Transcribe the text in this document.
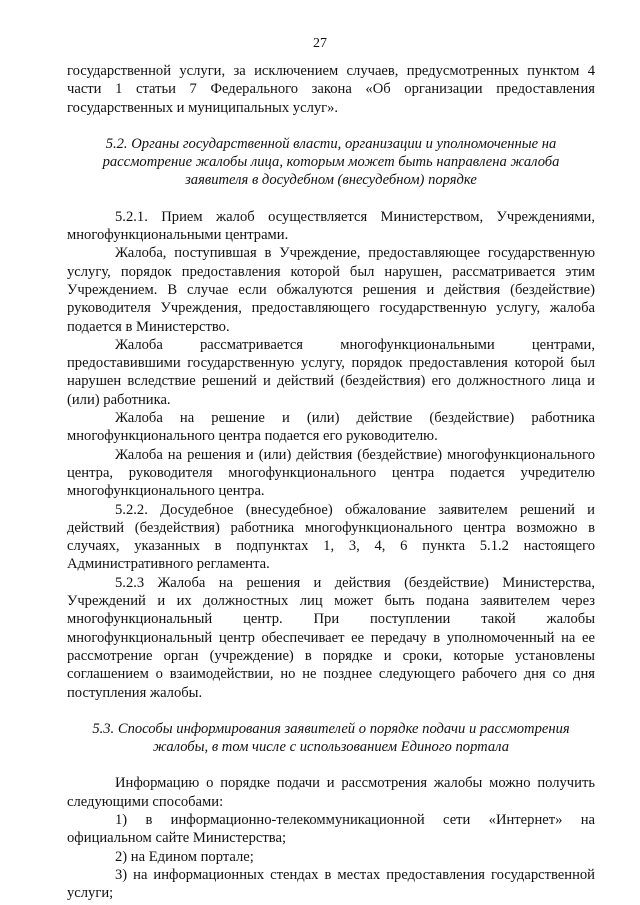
27

государственной услуги, за исключением случаев, предусмотренных пунктом 4 части 1 статьи 7 Федерального закона «Об организации предоставления государственных и муниципальных услуг».

5.2. Органы государственной власти, организации и уполномоченные на рассмотрение жалобы лица, которым может быть направлена жалоба заявителя в досудебном (внесудебном) порядке

5.2.1. Прием жалоб осуществляется Министерством, Учреждениями, многофункциональными центрами.

Жалоба, поступившая в Учреждение, предоставляющее государственную услугу, порядок предоставления которой был нарушен, рассматривается этим Учреждением. В случае если обжалуются решения и действия (бездействие) руководителя Учреждения, предоставляющего государственную услугу, жалоба подается в Министерство.

Жалоба рассматривается многофункциональными центрами, предоставившими государственную услугу, порядок предоставления которой был нарушен вследствие решений и действий (бездействия) его должностного лица и (или) работника.

Жалоба на решение и (или) действие (бездействие) работника многофункционального центра подается его руководителю.

Жалоба на решения и (или) действия (бездействие) многофункционального центра, руководителя многофункционального центра подается учредителю многофункционального центра.

5.2.2. Досудебное (внесудебное) обжалование заявителем решений и действий (бездействия) работника многофункционального центра возможно в случаях, указанных в подпунктах 1, 3, 4, 6 пункта 5.1.2 настоящего Административного регламента.

5.2.3 Жалоба на решения и действия (бездействие) Министерства, Учреждений и их должностных лиц может быть подана заявителем через многофункциональный центр. При поступлении такой жалобы многофункциональный центр обеспечивает ее передачу в уполномоченный на ее рассмотрение орган (учреждение) в порядке и сроки, которые установлены соглашением о взаимодействии, но не позднее следующего рабочего дня со дня поступления жалобы.

5.3. Способы информирования заявителей о порядке подачи и рассмотрения жалобы, в том числе с использованием Единого портала

Информацию о порядке подачи и рассмотрения жалобы можно получить следующими способами:

1) в информационно-телекоммуникационной сети «Интернет» на официальном сайте Министерства;

2) на Едином портале;

3) на информационных стендах в местах предоставления государственной услуги;
